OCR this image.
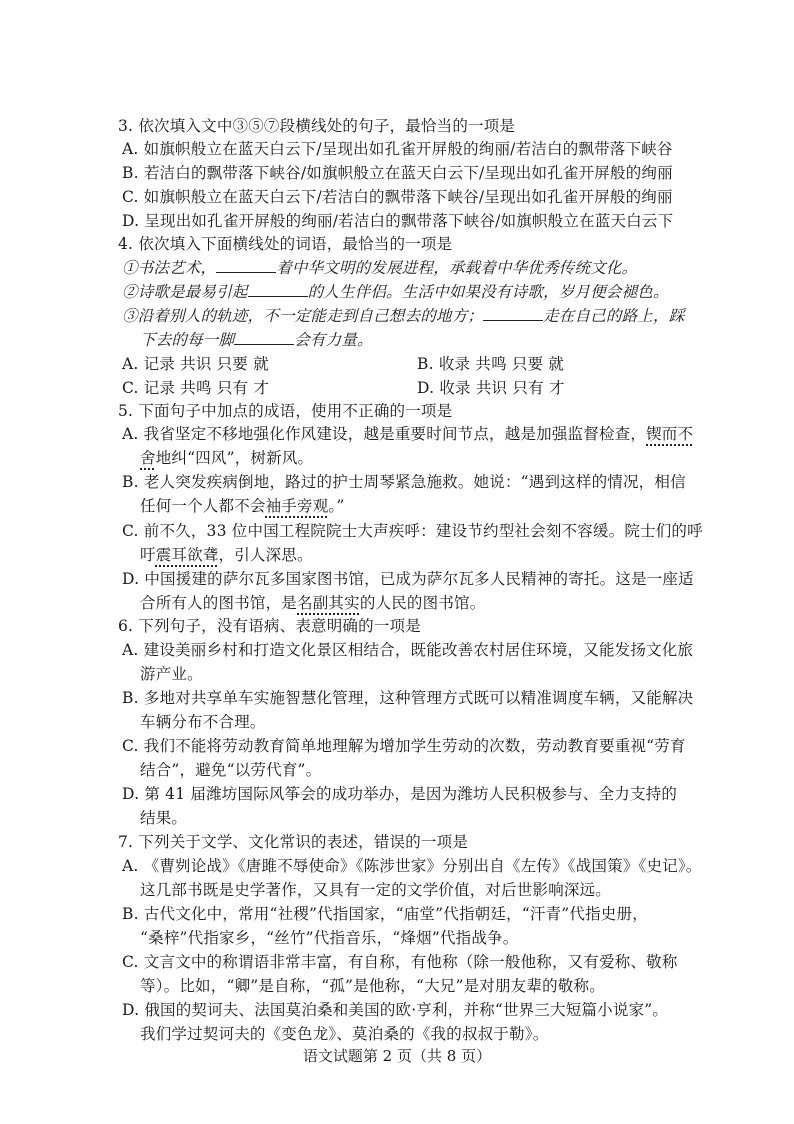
3. 依次填入文中③⑤⑦段横线处的句子，最恰当的一项是
A. 如旗帜般立在蓝天白云下/呈现出如孔雀开屏般的绚丽/若洁白的飘带落下峡谷
B. 若洁白的飘带落下峡谷/如旗帜般立在蓝天白云下/呈现出如孔雀开屏般的绚丽
C. 如旗帜般立在蓝天白云下/若洁白的飘带落下峡谷/呈现出如孔雀开屏般的绚丽
D. 呈现出如孔雀开屏般的绚丽/若洁白的飘带落下峡谷/如旗帜般立在蓝天白云下
4. 依次填入下面横线处的词语，最恰当的一项是
①书法艺术，	着中华文明的发展进程，承载着中华优秀传统文化。
②诗歌是最易引起	的人生伴侣。生活中如果没有诗歌，岁月便会褪色。
③沿着别人的轨迹，不一定能走到自己想去的地方；	走在自己的路上，踩
下去的每一脚	会有力量。
A. 记录 共识 只要 就	B. 收录 共鸣 只要 就
C. 记录 共鸣 只有 才	D. 收录 共识 只有 才
5. 下面句子中加点的成语，使用不正确的一项是
A. 我省坚定不移地强化作风建设，越是重要时间节点，越是加强监督检查，锲而不
舍地纠“四风”，树新风。
B. 老人突发疾病倒地，路过的护士周琴紧急施救。她说：“遇到这样的情况，相信
任何一个人都不会袖手旁观。”
C. 前不久，33 位中国工程院院士大声疾呼：建设节约型社会刻不容缓。院士们的呼
吁震耳欲聋，引人深思。
D. 中国援建的萨尔瓦多国家图书馆，已成为萨尔瓦多人民精神的寄托。这是一座适
合所有人的图书馆，是名副其实的人民的图书馆。
6. 下列句子，没有语病、表意明确的一项是
A. 建设美丽乡村和打造文化景区相结合，既能改善农村居住环境，又能发扬文化旅
游产业。
B. 多地对共享单车实施智慧化管理，这种管理方式既可以精准调度车辆，又能解决
车辆分布不合理。
C. 我们不能将劳动教育简单地理解为增加学生劳动的次数，劳动教育要重视“劳育
结合”，避免“以劳代育”。
D. 第 41 届潍坊国际风筝会的成功举办，是因为潍坊人民积极参与、全力支持的
结果。
7. 下列关于文学、文化常识的表述，错误的一项是
A. 《曹刿论战》《唐雎不辱使命》《陈涉世家》分别出自《左传》《战国策》《史记》。
这几部书既是史学著作，又具有一定的文学价值，对后世影响深远。
B. 古代文化中，常用“社稷”代指国家，“庙堂”代指朝廷，“汗青”代指史册，
“桑梓”代指家乡，“丝竹”代指音乐，“烽烟”代指战争。
C. 文言文中的称谓语非常丰富，有自称，有他称（除一般他称，又有爱称、敬称
等）。比如，“卿”是自称，“孤”是他称，“大兄”是对朋友辈的敬称。
D. 俄国的契诃夫、法国莫泊桑和美国的欧·亨利，并称“世界三大短篇小说家”。
我们学过契诃夫的《变色龙》、莫泊桑的《我的叔叔于勒》。
语文试题第 2 页（共 8 页）
